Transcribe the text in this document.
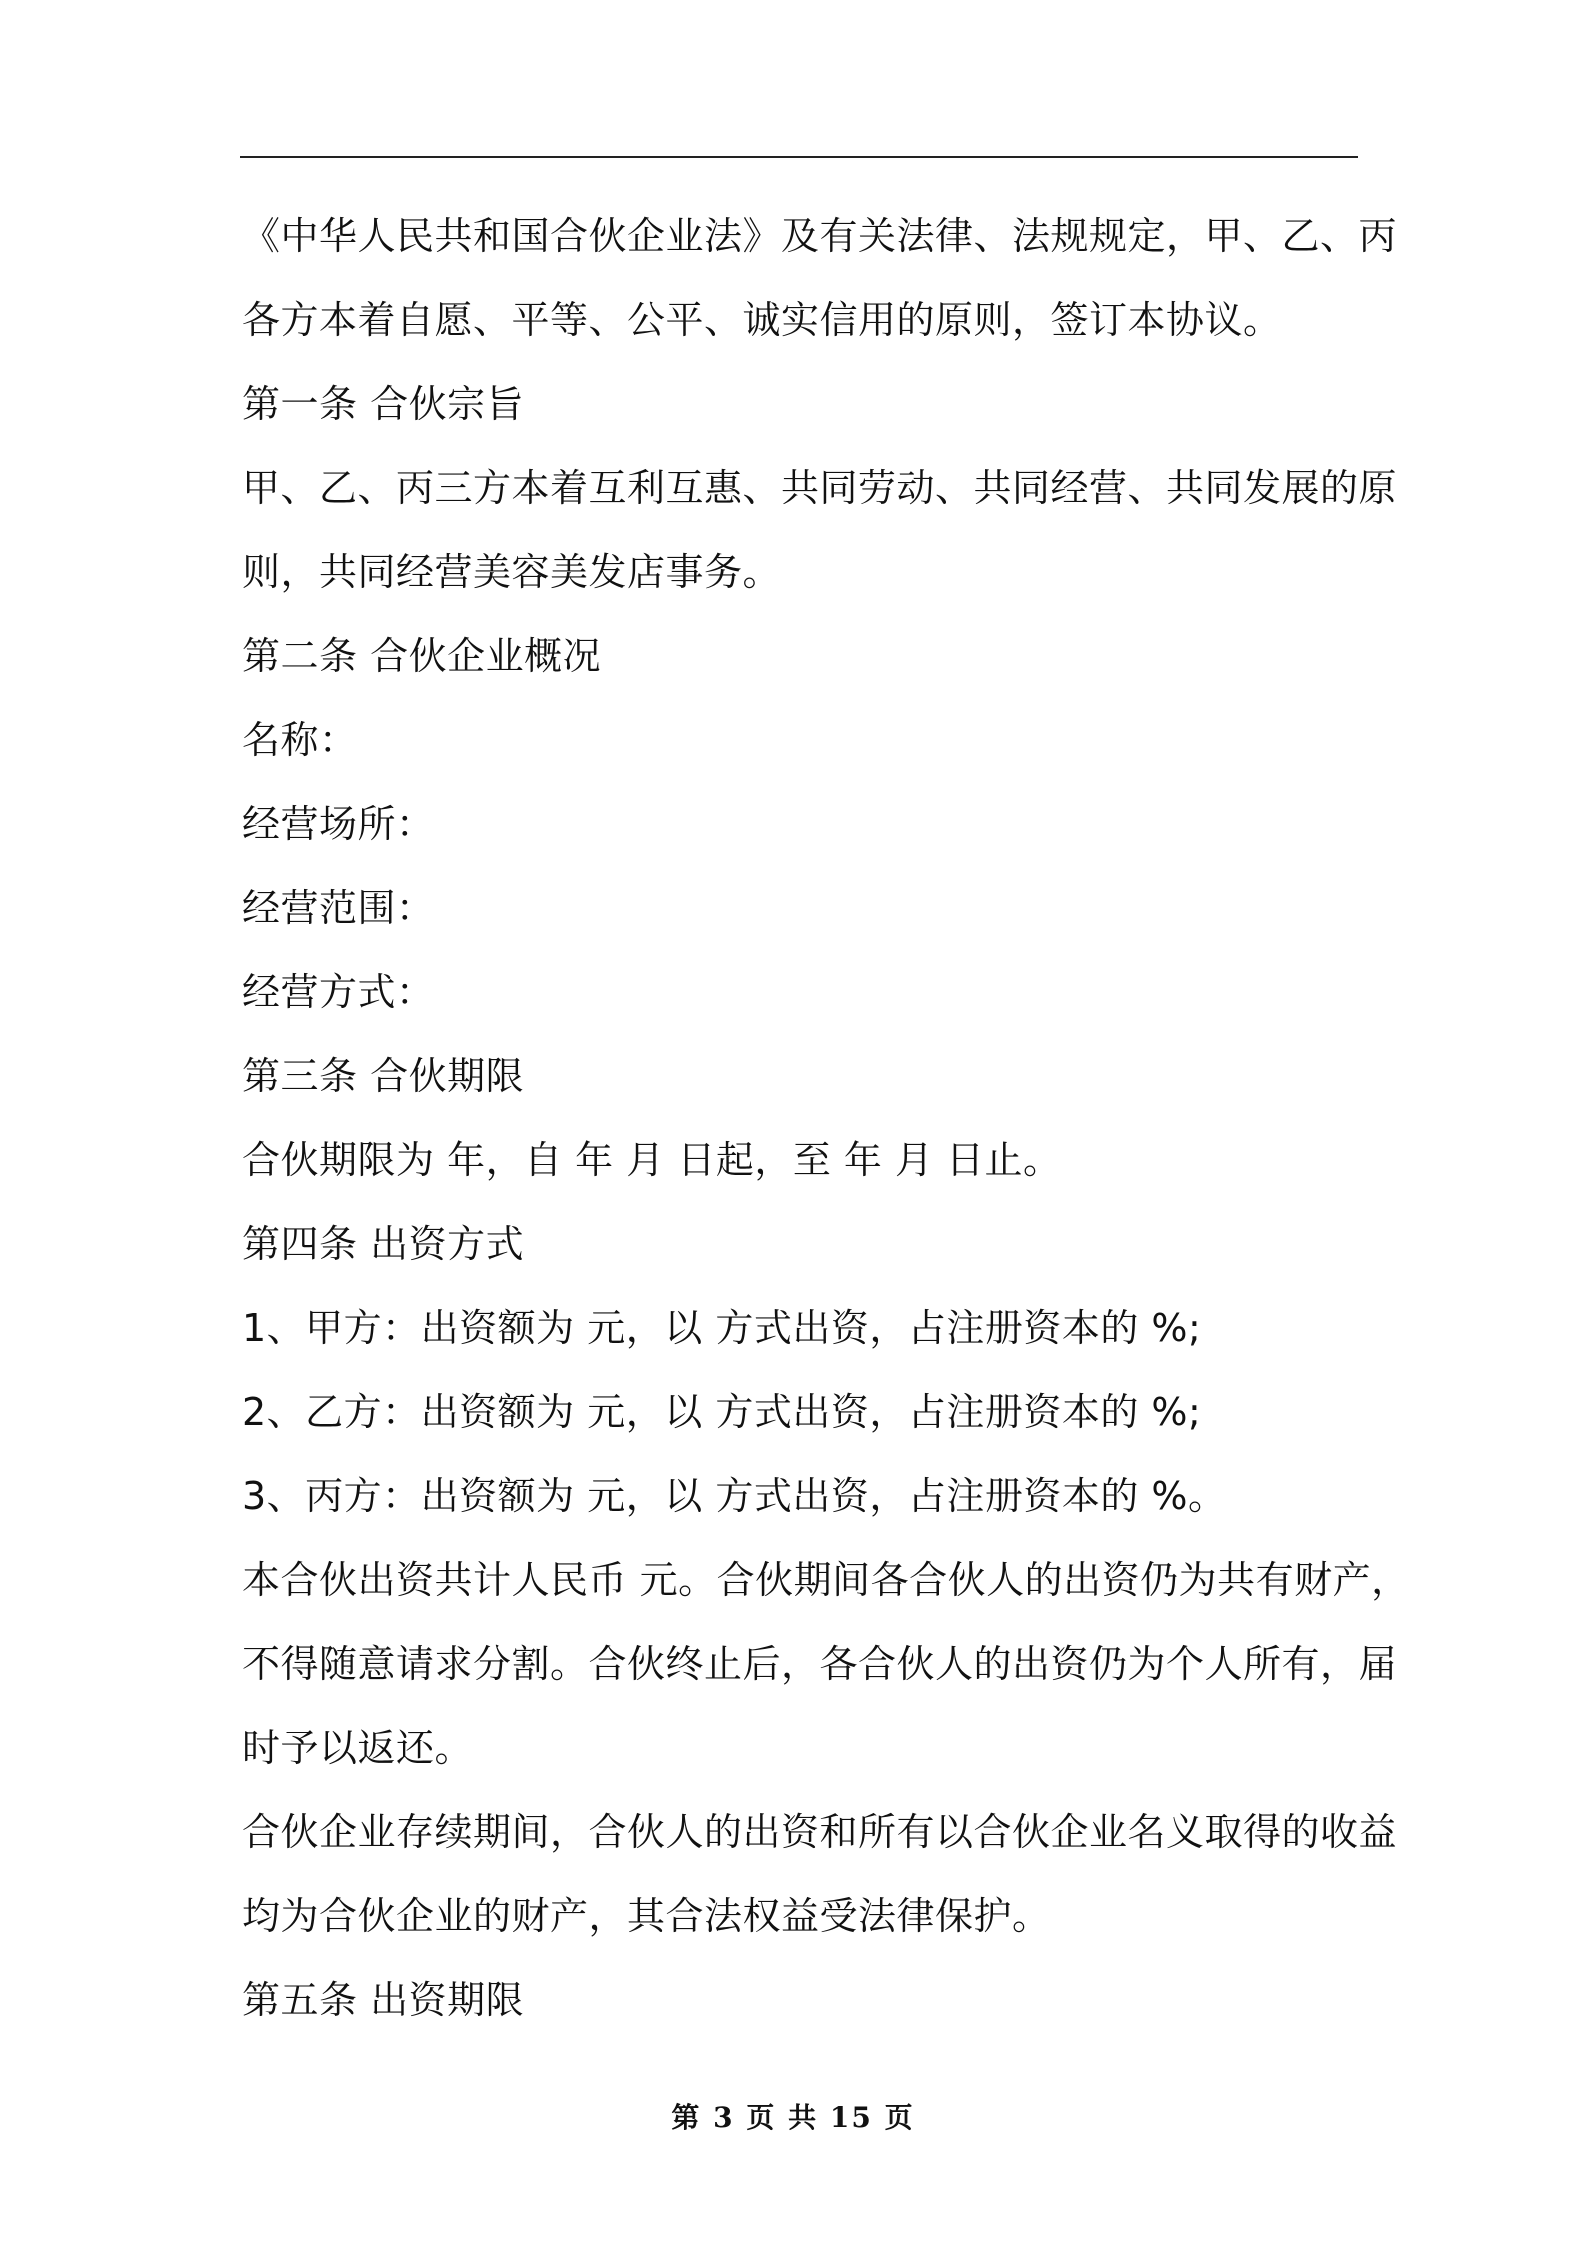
《中华人民共和国合伙企业法》及有关法律、法规规定，甲、乙、丙
各方本着自愿、平等、公平、诚实信用的原则，签订本协议。
第一条 合伙宗旨
甲、乙、丙三方本着互利互惠、共同劳动、共同经营、共同发展的原
则，共同经营美容美发店事务。
第二条 合伙企业概况
名称：
经营场所：
经营范围：
经营方式：
第三条 合伙期限
合伙期限为 年，自 年 月 日起，至 年 月 日止。
第四条 出资方式
1、甲方：出资额为 元，以 方式出资，占注册资本的 %;
2、乙方：出资额为 元，以 方式出资，占注册资本的 %;
3、丙方：出资额为 元，以 方式出资，占注册资本的 %。
本合伙出资共计人民币 元。合伙期间各合伙人的出资仍为共有财产，
不得随意请求分割。合伙终止后，各合伙人的出资仍为个人所有，届
时予以返还。
合伙企业存续期间，合伙人的出资和所有以合伙企业名义取得的收益
均为合伙企业的财产，其合法权益受法律保护。
第五条 出资期限
第 3 页 共 15 页
